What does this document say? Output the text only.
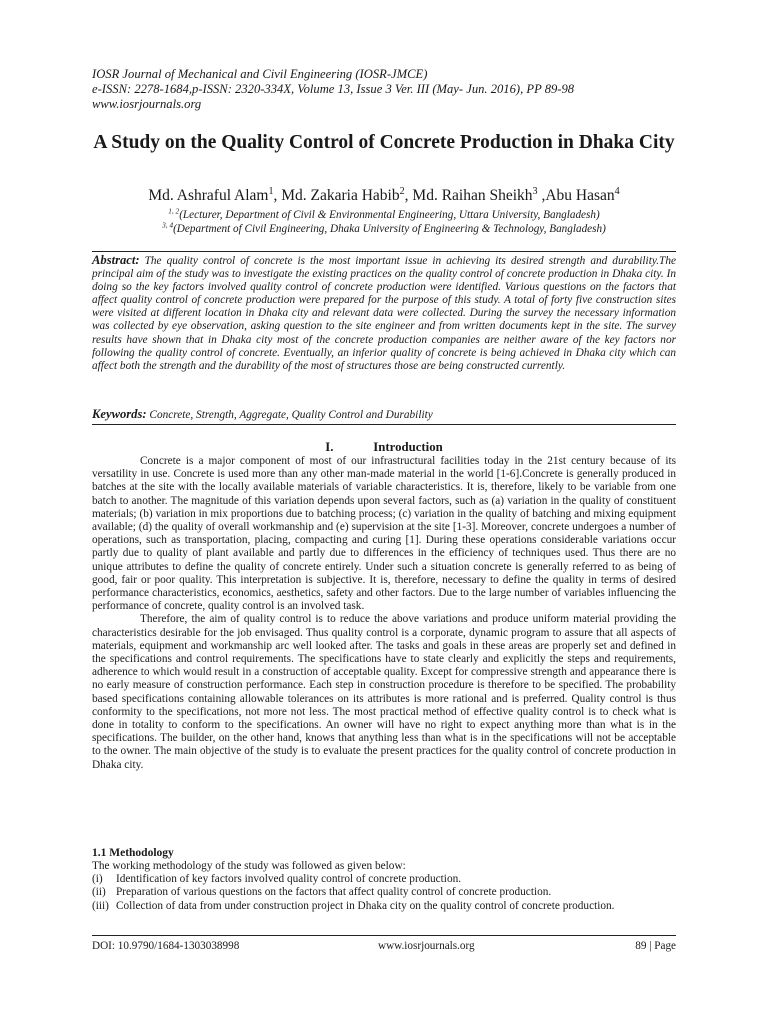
IOSR Journal of Mechanical and Civil Engineering (IOSR-JMCE)
e-ISSN: 2278-1684,p-ISSN: 2320-334X, Volume 13, Issue 3 Ver. III (May- Jun. 2016), PP 89-98
www.iosrjournals.org
A Study on the Quality Control of Concrete Production in Dhaka City
Md. Ashraful Alam$^1$, Md. Zakaria Habib$^2$, Md. Raihan Sheikh$^3$ ,Abu Hasan$^4$
$^{1, 2}$(Lecturer, Department of Civil & Environmental Engineering, Uttara University, Bangladesh)
$^{3, 4}$(Department of Civil Engineering, Dhaka University of Engineering & Technology, Bangladesh)
Abstract: The quality control of concrete is the most important issue in achieving its desired strength and durability.The principal aim of the study was to investigate the existing practices on the quality control of concrete production in Dhaka city. In doing so the key factors involved quality control of concrete production were identified. Various questions on the factors that affect quality control of concrete production were prepared for the purpose of this study. A total of forty five construction sites were visited at different location in Dhaka city and relevant data were collected. During the survey the necessary information was collected by eye observation, asking question to the site engineer and from written documents kept in the site. The survey results have shown that in Dhaka city most of the concrete production companies are neither aware of the key factors nor following the quality control of concrete. Eventually, an inferior quality of concrete is being achieved in Dhaka city which can affect both the strength and the durability of the most of structures those are being constructed currently.
Keywords: Concrete, Strength, Aggregate, Quality Control and Durability
I.	Introduction

Concrete is a major component of most of our infrastructural facilities today in the 21st century because of its versatility in use. Concrete is used more than any other man-made material in the world [1-6].Concrete is generally produced in batches at the site with the locally available materials of variable characteristics. It is, therefore, likely to be variable from one batch to another. The magnitude of this variation depends upon several factors, such as (a) variation in the quality of constituent materials; (b) variation in mix proportions due to batching process; (c) variation in the quality of batching and mixing equipment available; (d) the quality of overall workmanship and (e) supervision at the site [1-3]. Moreover, concrete undergoes a number of operations, such as transportation, placing, compacting and curing [1]. During these operations considerable variations occur partly due to quality of plant available and partly due to differences in the efficiency of techniques used. Thus there are no unique attributes to define the quality of concrete entirely. Under such a situation concrete is generally referred to as being of good, fair or poor quality. This interpretation is subjective. It is, therefore, necessary to define the quality in terms of desired performance characteristics, economics, aesthetics, safety and other factors. Due to the large number of variables influencing the performance of concrete, quality control is an involved task.

Therefore, the aim of quality control is to reduce the above variations and produce uniform material providing the characteristics desirable for the job envisaged. Thus quality control is a corporate, dynamic program to assure that all aspects of materials, equipment and workmanship arc well looked after. The tasks and goals in these areas are properly set and defined in the specifications and control requirements. The specifications have to state clearly and explicitly the steps and requirements, adherence to which would result in a construction of acceptable quality. Except for compressive strength and appearance there is no early measure of construction performance. Each step in construction procedure is therefore to be specified. The probability based specifications containing allowable tolerances on its attributes is more rational and is preferred. Quality control is thus conformity to the specifications, not more not less. The most practical method of effective quality control is to check what is done in totality to conform to the specifications. An owner will have no right to expect anything more than what is in the specifications. The builder, on the other hand, knows that anything less than what is in the specifications will not be acceptable to the owner. The main objective of the study is to evaluate the present practices for the quality control of concrete production in Dhaka city.

1.1 Methodology

The working methodology of the study was followed as given below:

(i) Identification of key factors involved quality control of concrete production.
(ii) Preparation of various questions on the factors that affect quality control of concrete production.
(iii) Collection of data from under construction project in Dhaka city on the quality control of concrete production.
DOI: 10.9790/1684-1303038998	www.iosrjournals.org	89 | Page
